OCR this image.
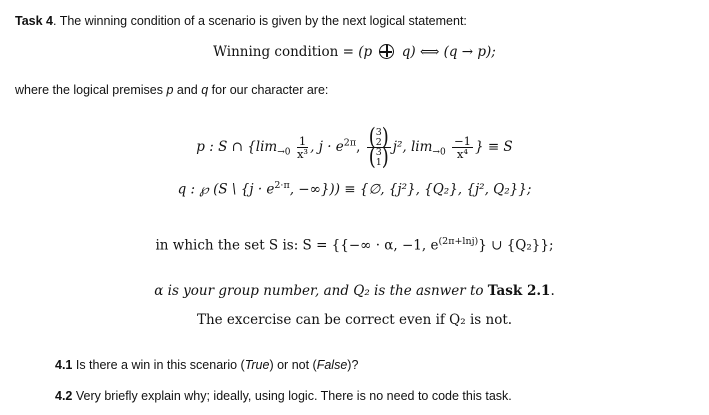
Task 4. The winning condition of a scenario is given by the next logical statement:
Winning condition = (p q) ⟺ (q → p);
where the logical premises p and q for our character are:
p : S ∩ {$\lim_{\to 0} \frac{1}{\text{x³}}$ , $j \cdot e^{2\pi}$, ( 3
2 )
( 3
1 ) j², $\lim_{\to 0} \frac{-1}{\text{x⁴}}$ } ≡ S
q : ℘ (S \ {$j \cdot e^{2\cdot\pi}$, −∞})) ≡ {∅, {j²}, {Q₂}, {j², Q₂}};
in which the set S is: S = {{−∞ · α, −1, $e^{(2\pi+lnj)}$} ∪ {Q₂}};
α is your group number, and Q₂ is the asnwer to Task 2.1.
The excercise can be correct even if Q₂ is not.
4.1 Is there a win in this scenario (True) or not (False)?
4.2 Very briefly explain why; ideally, using logic. There is no need to code this task.
